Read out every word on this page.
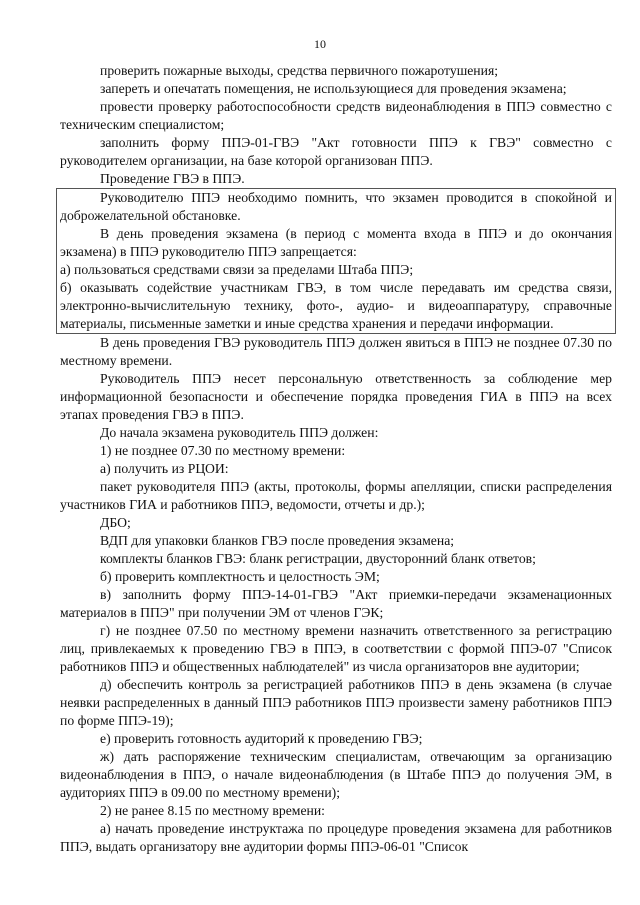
10

проверить пожарные выходы, средства первичного пожаротушения;

запереть и опечатать помещения, не использующиеся для проведения экзамена;

провести проверку работоспособности средств видеонаблюдения в ППЭ совместно с техническим специалистом;

заполнить форму ППЭ-01-ГВЭ "Акт готовности ППЭ к ГВЭ" совместно с руководителем организации, на базе которой организован ППЭ.

Проведение ГВЭ в ППЭ.

Руководителю ППЭ необходимо помнить, что экзамен проводится в спокойной и доброжелательной обстановке.

В день проведения экзамена (в период с момента входа в ППЭ и до окончания экзамена) в ППЭ руководителю ППЭ запрещается:

а) пользоваться средствами связи за пределами Штаба ППЭ;

б) оказывать содействие участникам ГВЭ, в том числе передавать им средства связи, электронно-вычислительную технику, фото-, аудио- и видеоаппаратуру, справочные материалы, письменные заметки и иные средства хранения и передачи информации.

В день проведения ГВЭ руководитель ППЭ должен явиться в ППЭ не позднее 07.30 по местному времени.

Руководитель ППЭ несет персональную ответственность за соблюдение мер информационной безопасности и обеспечение порядка проведения ГИА в ППЭ на всех этапах проведения ГВЭ в ППЭ.

До начала экзамена руководитель ППЭ должен:

1) не позднее 07.30 по местному времени:

а) получить из РЦОИ:

пакет руководителя ППЭ (акты, протоколы, формы апелляции, списки распределения участников ГИА и работников ППЭ, ведомости, отчеты и др.);

ДБО;

ВДП для упаковки бланков ГВЭ после проведения экзамена;

комплекты бланков ГВЭ: бланк регистрации, двусторонний бланк ответов;

б) проверить комплектность и целостность ЭМ;

в) заполнить форму ППЭ-14-01-ГВЭ "Акт приемки-передачи экзаменационных материалов в ППЭ" при получении ЭМ от членов ГЭК;

г) не позднее 07.50 по местному времени назначить ответственного за регистрацию лиц, привлекаемых к проведению ГВЭ в ППЭ, в соответствии с формой ППЭ-07 "Список работников ППЭ и общественных наблюдателей" из числа организаторов вне аудитории;

д) обеспечить контроль за регистрацией работников ППЭ в день экзамена (в случае неявки распределенных в данный ППЭ работников ППЭ произвести замену работников ППЭ по форме ППЭ-19);

е) проверить готовность аудиторий к проведению ГВЭ;

ж) дать распоряжение техническим специалистам, отвечающим за организацию видеонаблюдения в ППЭ, о начале видеонаблюдения (в Штабе ППЭ до получения ЭМ, в аудиториях ППЭ в 09.00 по местному времени);

2) не ранее 8.15 по местному времени:

а) начать проведение инструктажа по процедуре проведения экзамена для работников ППЭ, выдать организатору вне аудитории формы ППЭ-06-01 "Список
